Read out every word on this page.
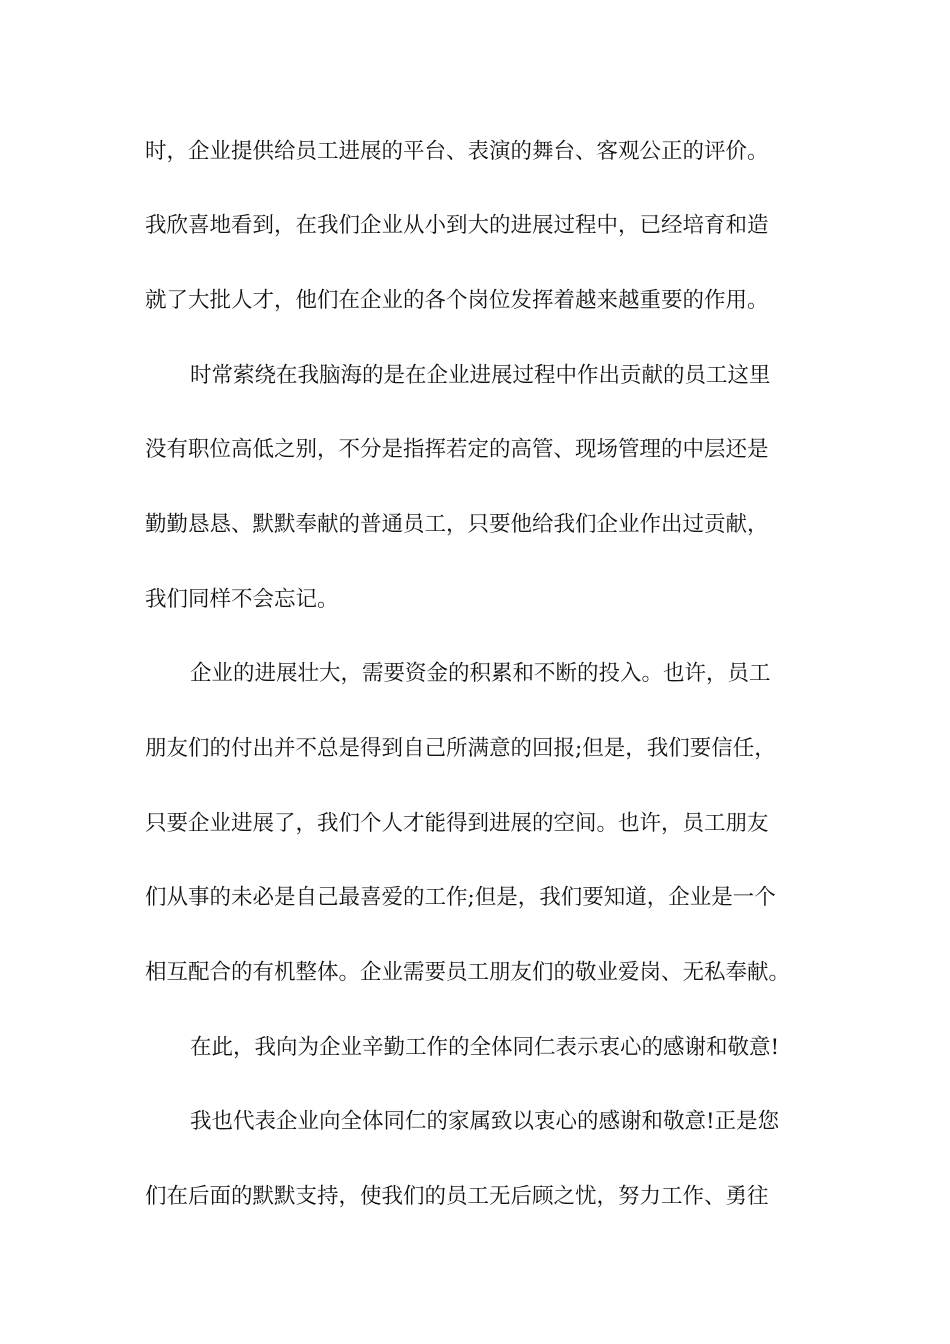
时，企业提供给员工进展的平台、表演的舞台、客观公正的评价。
我欣喜地看到，在我们企业从小到大的进展过程中，已经培育和造
就了大批人才，他们在企业的各个岗位发挥着越来越重要的作用。
时常萦绕在我脑海的是在企业进展过程中作出贡献的员工这里
没有职位高低之别，不分是指挥若定的高管、现场管理的中层还是
勤勤恳恳、默默奉献的普通员工，只要他给我们企业作出过贡献，
我们同样不会忘记。
企业的进展壮大，需要资金的积累和不断的投入。也许，员工
朋友们的付出并不总是得到自己所满意的回报;但是，我们要信任，
只要企业进展了，我们个人才能得到进展的空间。也许，员工朋友
们从事的未必是自己最喜爱的工作;但是，我们要知道，企业是一个
相互配合的有机整体。企业需要员工朋友们的敬业爱岗、无私奉献。
在此，我向为企业辛勤工作的全体同仁表示衷心的感谢和敬意!
我也代表企业向全体同仁的家属致以衷心的感谢和敬意!正是您
们在后面的默默支持，使我们的员工无后顾之忧，努力工作、勇往
